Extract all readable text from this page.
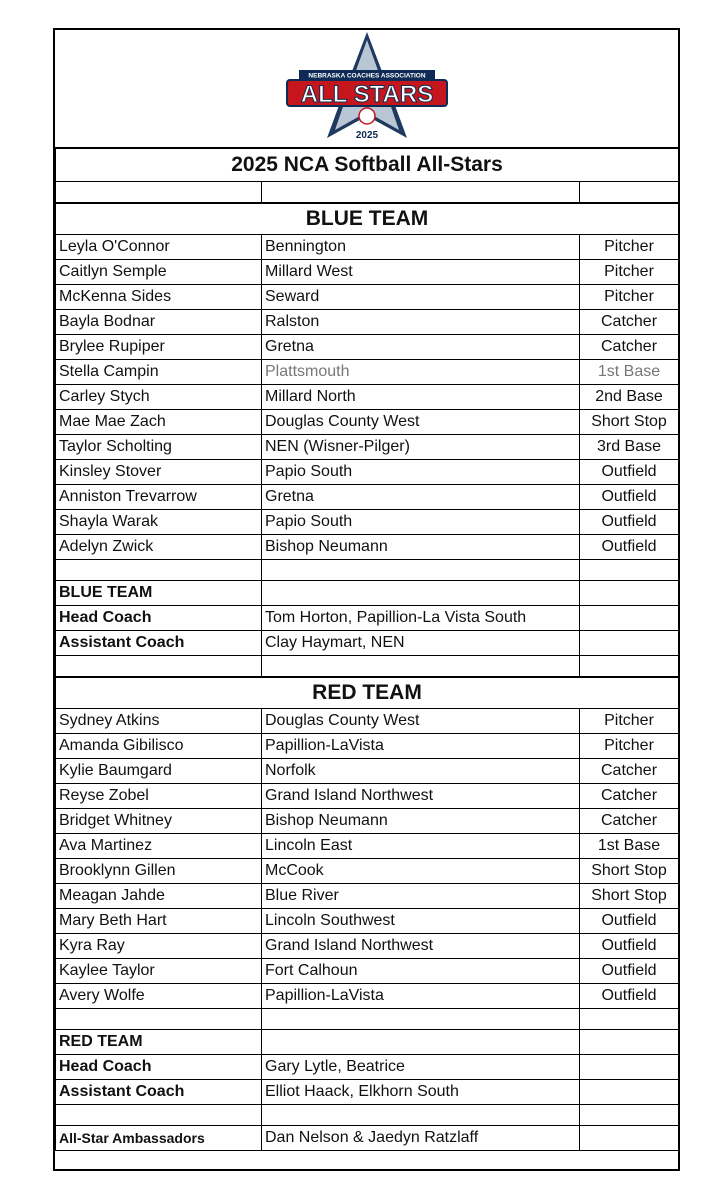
NEBRASKA COACHES ASSOCIATION
ALL STARS
2025		

2025 NCA Softball All-Stars		

BLUE TEAM		
Leyla O'Connor	Bennington	Pitcher
Caitlyn Semple	Millard West	Pitcher
McKenna Sides	Seward	Pitcher
Bayla Bodnar	Ralston	Catcher
Brylee Rupiper	Gretna	Catcher
Stella Campin	Plattsmouth	1st Base
Carley Stych	Millard North	2nd Base
Mae Mae Zach	Douglas County West	Short Stop
Taylor Scholting	NEN (Wisner-Pilger)	3rd Base
Kinsley Stover	Papio South	Outfield
Anniston Trevarrow	Gretna	Outfield
Shayla Warak	Papio South	Outfield
Adelyn Zwick	Bishop Neumann	Outfield

BLUE TEAM		
Head Coach	Tom Horton, Papillion-La Vista South	
Assistant Coach	Clay Haymart, NEN	

RED TEAM		
Sydney Atkins	Douglas County West	Pitcher
Amanda Gibilisco	Papillion-LaVista	Pitcher
Kylie Baumgard	Norfolk	Catcher
Reyse Zobel	Grand Island Northwest	Catcher
Bridget Whitney	Bishop Neumann	Catcher
Ava Martinez	Lincoln East	1st Base
Brooklynn Gillen	McCook	Short Stop
Meagan Jahde	Blue River	Short Stop
Mary Beth Hart	Lincoln Southwest	Outfield
Kyra Ray	Grand Island Northwest	Outfield
Kaylee Taylor	Fort Calhoun	Outfield
Avery Wolfe	Papillion-LaVista	Outfield

RED TEAM		
Head Coach	Gary Lytle, Beatrice	
Assistant Coach	Elliot Haack, Elkhorn South	

All-Star Ambassadors	Dan Nelson & Jaedyn Ratzlaff	
